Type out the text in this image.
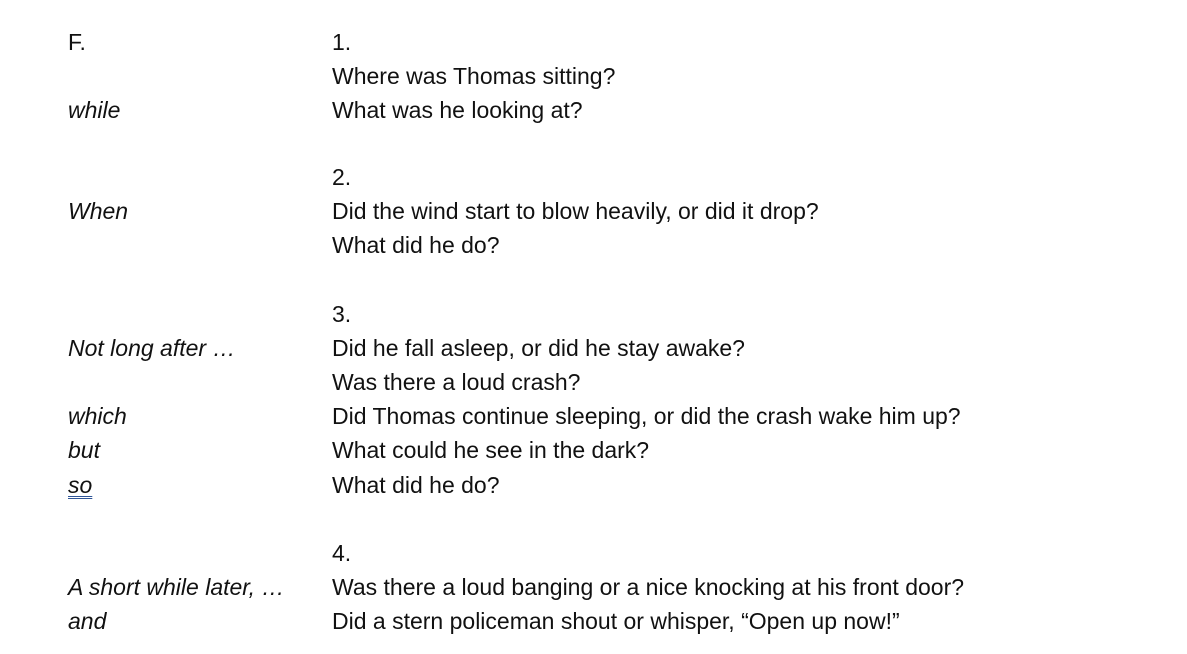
F.
while
When
Not long after …
which
but
so
A short while later, …
and
1.
Where was Thomas sitting?
What was he looking at?
2.
Did the wind start to blow heavily, or did it drop?
What did he do?
3.
Did he fall asleep, or did he stay awake?
Was there a loud crash?
Did Thomas continue sleeping, or did the crash wake him up?
What could he see in the dark?
What did he do?
4.
Was there a loud banging or a nice knocking at his front door?
Did a stern policeman shout or whisper, “Open up now!”
